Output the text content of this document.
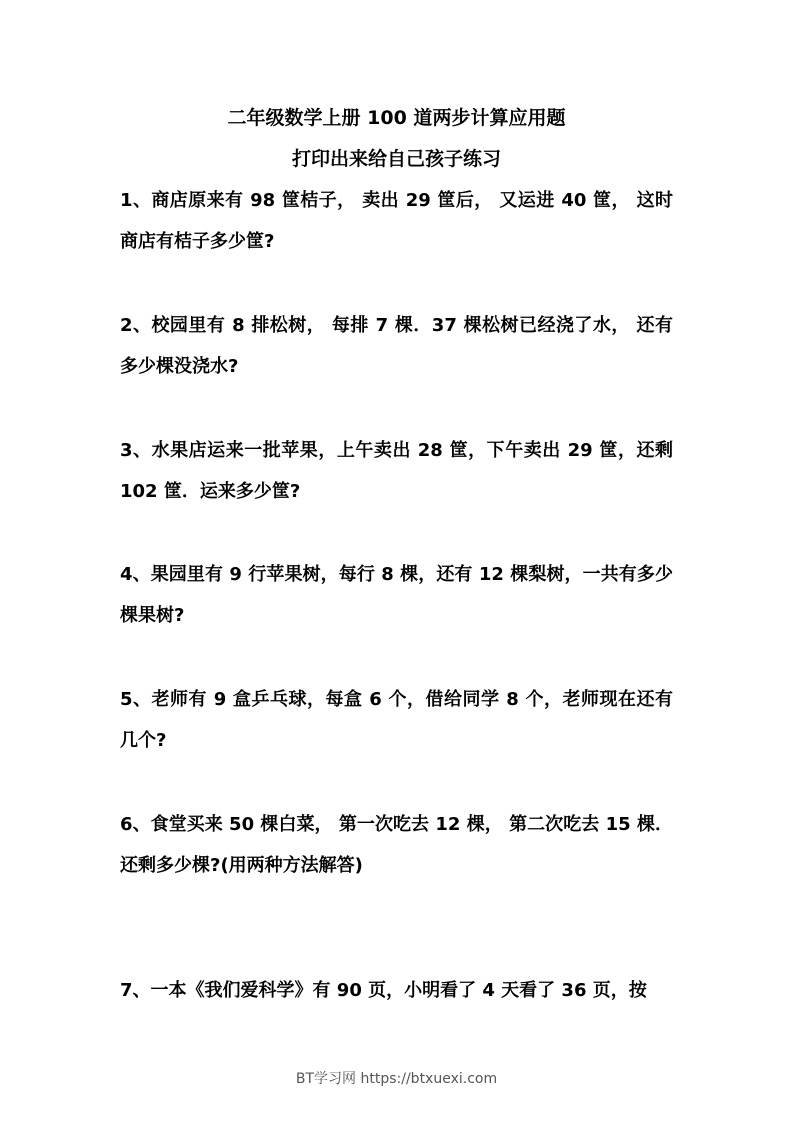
二年级数学上册 100 道两步计算应用题
打印出来给自己孩子练习
1、商店原来有 98 筐桔子， 卖出 29 筐后， 又运进 40 筐， 这时商店有桔子多少筐?
2、校园里有 8 排松树， 每排 7 棵．37 棵松树已经浇了水， 还有多少棵没浇水?
3、水果店运来一批苹果，上午卖出 28 筐，下午卖出 29 筐，还剩 102 筐．运来多少筐?
4、果园里有 9 行苹果树，每行 8 棵，还有 12 棵梨树，一共有多少棵果树?
5、老师有 9 盒乒乓球，每盒 6 个，借给同学 8 个，老师现在还有几个?
6、食堂买来 50 棵白菜， 第一次吃去 12 棵， 第二次吃去 15 棵．还剩多少棵?(用两种方法解答)
7、一本《我们爱科学》有 90 页，小明看了 4 天看了 36 页，按
BT学习网 https://btxuexi.com
